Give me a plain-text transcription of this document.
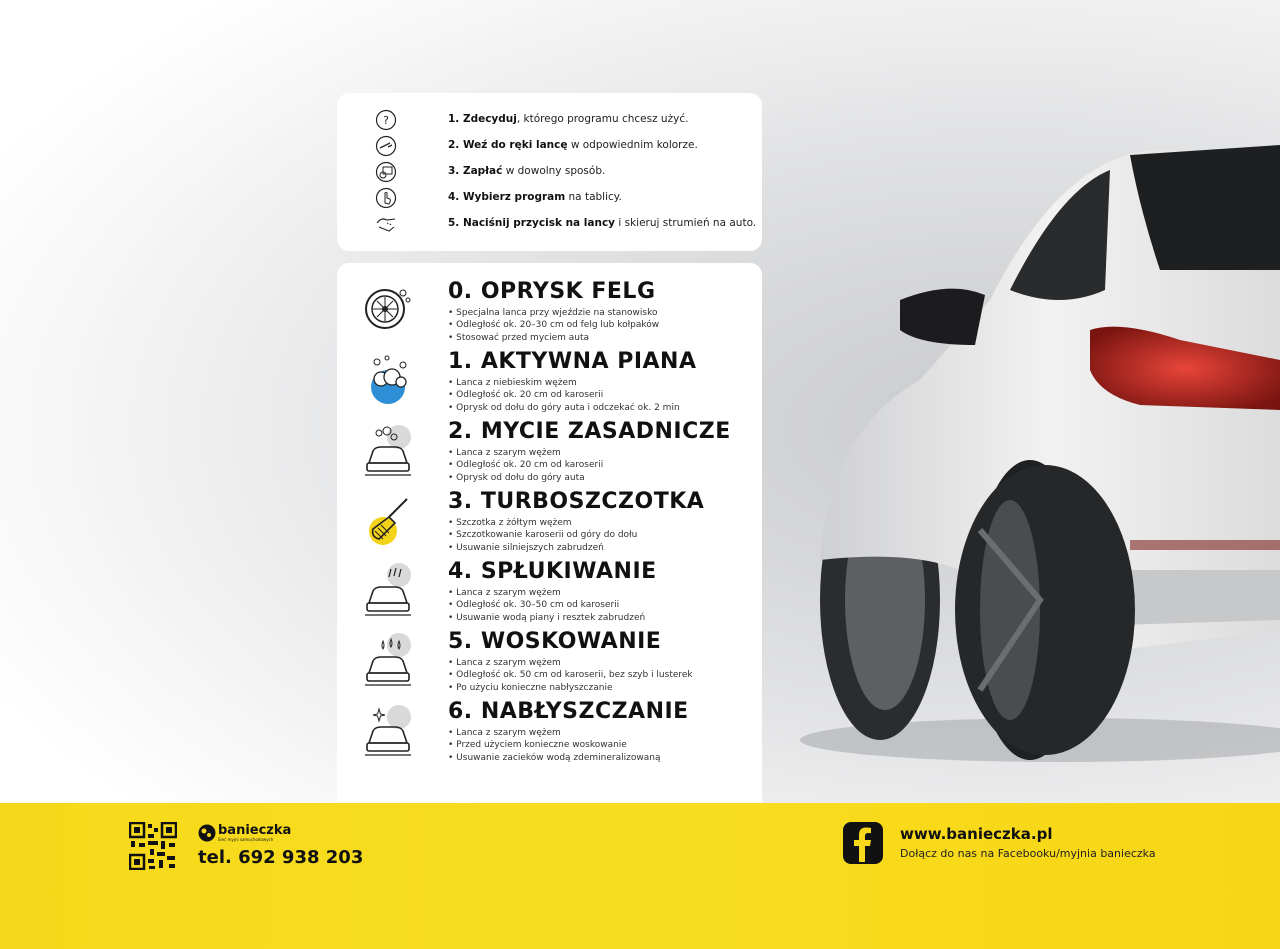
?	1. Zdecyduj, którego programu chcesz użyć.
2. Weź do ręki lancę w odpowiednim kolorze.
3. Zapłać w dowolny sposób.
4. Wybierz program na tablicy.
5. Naciśnij przycisk na lancy i skieruj strumień na auto.
0. OPRYSK FELG
• Specjalna lanca przy wjeździe na stanowisko
• Odległość ok. 20–30 cm od felg lub kołpaków
• Stosować przed myciem auta
1. AKTYWNA PIANA
• Lanca z niebieskim wężem
• Odległość ok. 20 cm od karoserii
• Oprysk od dołu do góry auta i odczekać ok. 2 min
2. MYCIE ZASADNICZE
• Lanca z szarym wężem
• Odległość ok. 20 cm od karoserii
• Oprysk od dołu do góry auta
3. TURBOSZCZOTKA
• Szczotka z żółtym wężem
• Szczotkowanie karoserii od góry do dołu
• Usuwanie silniejszych zabrudzeń
4. SPŁUKIWANIE
• Lanca z szarym wężem
• Odległość ok. 30–50 cm od karoserii
• Usuwanie wodą piany i resztek zabrudzeń
5. WOSKOWANIE
• Lanca z szarym wężem
• Odległość ok. 50 cm od karoserii, bez szyb i lusterek
• Po użyciu konieczne nabłyszczanie
6. NABŁYSZCZANIE
• Lanca z szarym wężem
• Przed użyciem konieczne woskowanie
• Usuwanie zacieków wodą zdemineralizowaną
banieczka
Sieć myjni samochodowych
tel. 692 938 203
www.banieczka.pl
Dołącz do nas na Facebooku/myjnia banieczka
